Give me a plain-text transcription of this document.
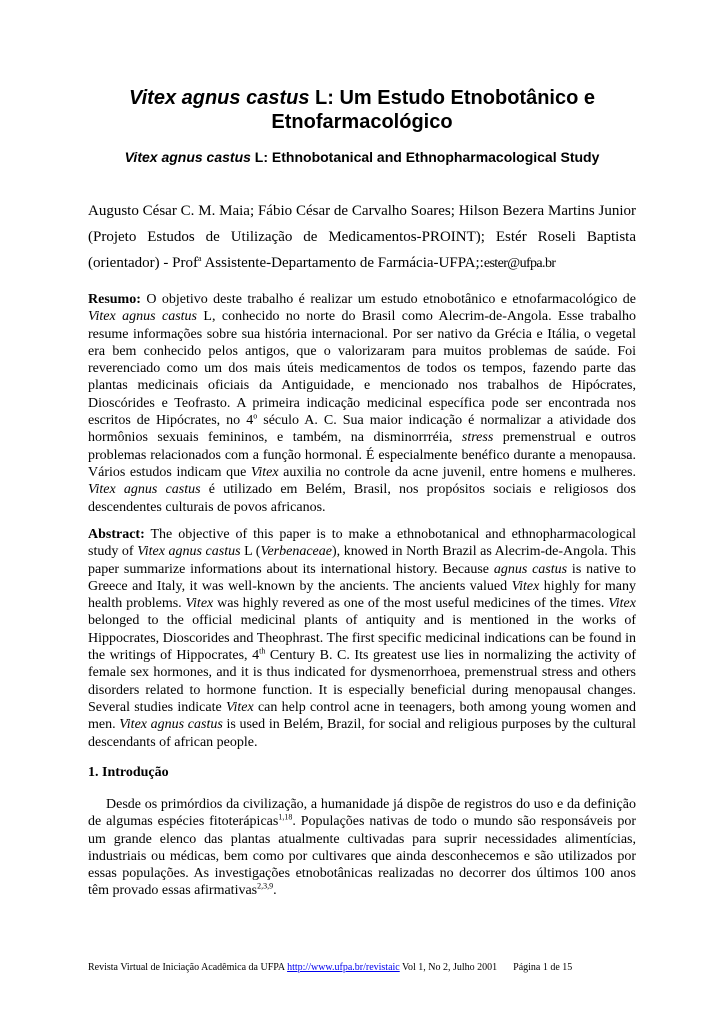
Vitex agnus castus L: Um Estudo Etnobotânico e
Etnofarmacológico
Vitex agnus castus L: Ethnobotanical and Ethnopharmacological Study
Augusto César C. M. Maia; Fábio César de Carvalho Soares; Hilson Bezera Martins Junior
(Projeto Estudos de Utilização de Medicamentos-PROINT); Estér Roseli Baptista
(orientador) - Prof$^a$ Assistente-Departamento de Farmácia-UFPA;:ester@ufpa.br
Resumo: O objetivo deste trabalho é realizar um estudo etnobotânico e etnofarmacológico de Vitex agnus castus L, conhecido no norte do Brasil como Alecrim-de-Angola. Esse trabalho resume informações sobre sua história internacional. Por ser nativo da Grécia e Itália, o vegetal era bem conhecido pelos antigos, que o valorizaram para muitos problemas de saúde. Foi reverenciado como um dos mais úteis medicamentos de todos os tempos, fazendo parte das plantas medicinais oficiais da Antiguidade, e mencionado nos trabalhos de Hipócrates, Dioscórides e Teofrasto. A primeira indicação medicinal específica pode ser encontrada nos escritos de Hipócrates, no 4$^o$ século A. C. Sua maior indicação é normalizar a atividade dos hormônios sexuais femininos, e também, na disminorrréia, stress premenstrual e outros problemas relacionados com a função hormonal. É especialmente benéfico durante a menopausa. Vários estudos indicam que Vitex auxilia no controle da acne juvenil, entre homens e mulheres. Vitex agnus castus é utilizado em Belém, Brasil, nos propósitos sociais e religiosos dos descendentes culturais de povos africanos.
Abstract: The objective of this paper is to make a ethnobotanical and ethnopharmacological study of Vitex agnus castus L (Verbenaceae), knowed in North Brazil as Alecrim-de-Angola. This paper summarize informations about its international history. Because agnus castus is native to Greece and Italy, it was well-known by the ancients. The ancients valued Vitex highly for many health problems. Vitex was highly revered as one of the most useful medicines of the times. Vitex belonged to the official medicinal plants of antiquity and is mentioned in the works of Hippocrates, Dioscorides and Theophrast. The first specific medicinal indications can be found in the writings of Hippocrates, 4th Century B. C. Its greatest use lies in normalizing the activity of female sex hormones, and it is thus indicated for dysmenorrhoea, premenstrual stress and others disorders related to hormone function. It is especially beneficial during menopausal changes. Several studies indicate Vitex can help control acne in teenagers, both among young women and men. Vitex agnus castus is used in Belém, Brazil, for social and religious purposes by the cultural descendants of african people.
1. Introdução
Desde os primórdios da civilização, a humanidade já dispõe de registros do uso e da definição de algumas espécies fitoterápicas$^{1,18}$. Populações nativas de todo o mundo são responsáveis por um grande elenco das plantas atualmente cultivadas para suprir necessidades alimentícias, industriais ou médicas, bem como por cultivares que ainda desconhecemos e são utilizados por essas populações. As investigações etnobotânicas realizadas no decorrer dos últimos 100 anos têm provado essas afirmativas$^{2,3,9}$.
Revista Virtual de Iniciação Acadêmica da UFPA http://www.ufpa.br/revistaic Vol 1, No 2, Julho 2001 Página 1 de 15
